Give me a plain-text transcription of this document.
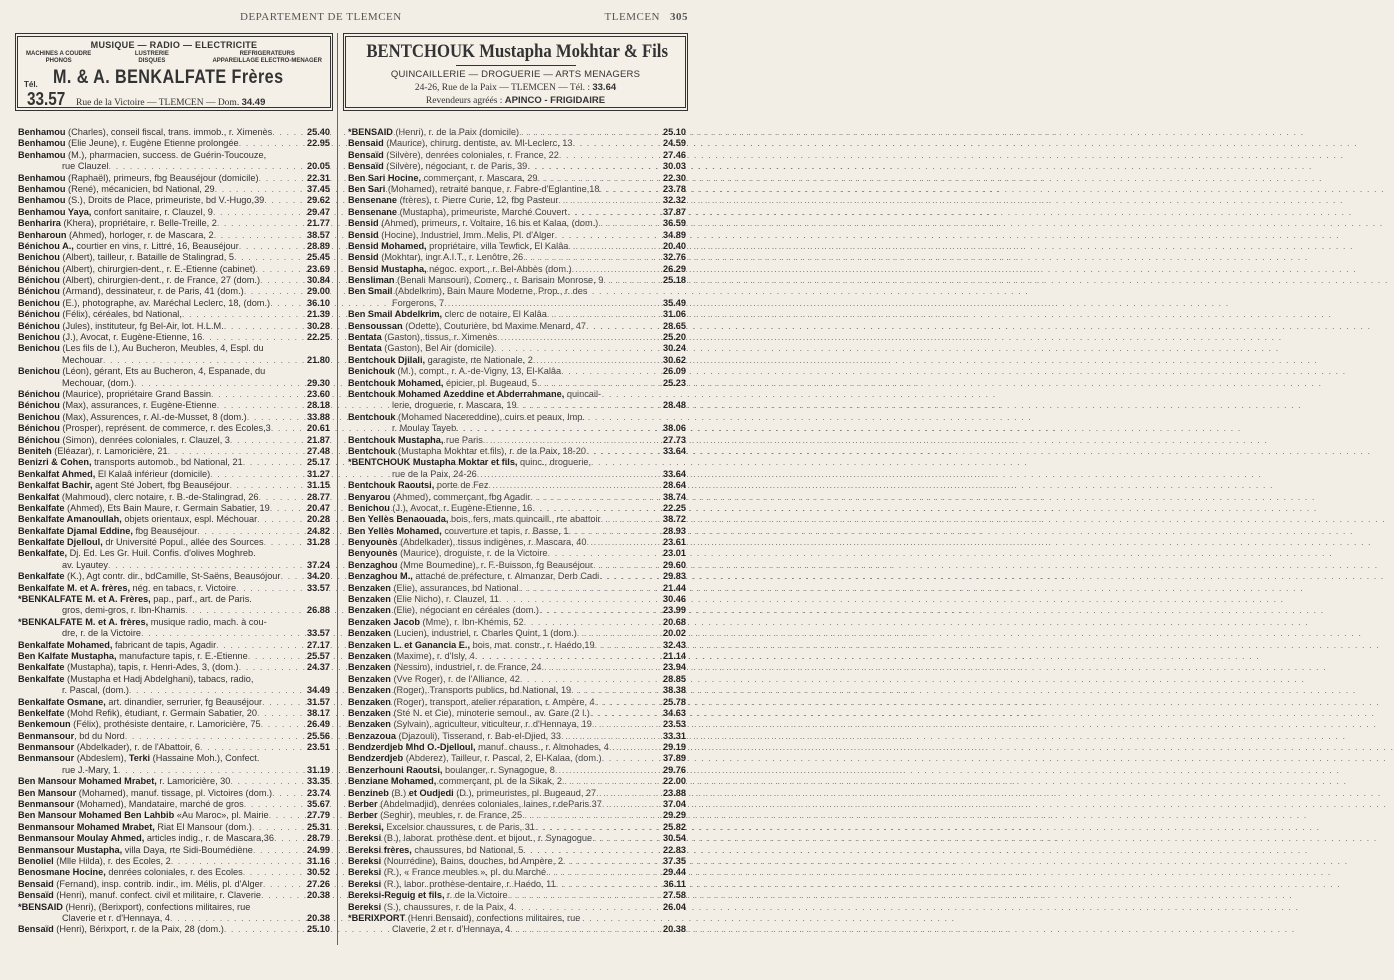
DEPARTEMENT DE TLEMCEN	TLEMCEN 305
MUSIQUE — RADIO — ELECTRICITE
MACHINES A COUDRE
PHONOS
LUSTRERIE
DISQUES
REFRIGERATEURS
APPAREILLAGE ELECTRO-MENAGER
Tél. M. & A. BENKALFATE Frères
33.57	Rue de la Victoire — TLEMCEN — Dom. 34.49
BENTCHOUK Mustapha Mokhtar & Fils
QUINCAILLERIE — DROGUERIE — ARTS MENAGERS
24-26, Rue de la Paix — TLEMCEN — Tél. : 33.64
Revendeurs agréés : APINCO - FRIGIDAIRE
Benhamou (Charles), conseil fiscal, trans. immob., r. Ximenès . . .	25.40
Benhamou (Elie Jeune), r. Eugène Etienne prolongée . . .	22.95
Benhamou (M.), pharmacien, success. de Guérin-Toucouze,
rue Clauzel . . .	20.05
Benhamou (Raphaël), primeurs, fbg Beauséjour (domicile) . . .	22.31
Benhamou (René), mécanicien, bd National, 29 . . .	37.45
Benhamou (S.), Droits de Place, primeuriste, bd V.-Hugo,39 . . .	29.62
Benhamou Yaya, confort sanitaire, r. Clauzel, 9 . . .	29.47
Benharira (Khera), propriétaire, r. Belle-Treille, 2 . . .	21.77
Benharoun (Ahmed), horloger, r. de Mascara, 2 . . .	38.57
Bénichou A., courtier en vins, r. Littré, 16, Beauséjour . . .	28.89
Benichou (Albert), tailleur, r. Bataille de Stalingrad, 5 . . .	25.45
Bénichou (Albert), chirurgien-dent., r. E.-Etienne (cabinet) . . .	23.69
Bénichou (Albert), chirurgien-dent., r. de France, 27 (dom.) . . .	30.84
Bénichou (Armand), dessinateur, r. de Paris, 41 (dom.) . . .	29.00
Benichou (E.), photographe, av. Maréchal Leclerc, 18, (dom.) . . .	36.10
Bénichou (Félix), céréales, bd National, . . .	21.39
Bénichou (Jules), instituteur, fg Bel-Air, lot. H.L.M. . . .	30.28
Benichou (J.), Avocat, r. Eugène-Etienne, 16 . . .	22.25
Benichou (Les fils de I.), Au Bucheron, Meubles, 4, Espl. du
Mechouar . . .	21.80
Benichou (Léon), gérant, Ets au Bucheron, 4, Espanade, du
Mechouar, (dom.) . . .	29.30
Bénichou (Maurice), propriétaire Grand Bassin . . .	23.60
Bénichou (Max), assurances, r. Eugène-Etienne . . .	28.18
Benichou (Max), Assurences, r. Al.-de-Musset, 8 (dom.) . . .	33.88
Bénichou (Prosper), représent. de commerce, r. des Ecoles,3 . . .	20.61
Bénichou (Simon), denrées coloniales, r. Clauzel, 3 . . .	21.87
Beniteh (Eléazar), r. Lamoricière, 21 . . .	27.48
Benizri & Cohen, transports automob., bd National, 21 . . .	25.17
Benkalfat Ahmed, El Kalaâ inférieur (domicile) . . .	31.27
Benkalfat Bachir, agent Sté Jobert, fbg Beauséjour . . .	31.15
Benkalfat (Mahmoud), clerc notaire, r. B.-de-Stalingrad, 26 . . .	28.77
Benkalfate (Ahmed), Ets Bain Maure, r. Germain Sabatier, 19 . . .	20.47
Benkalfate Amanoullah, objets orientaux, espl. Méchouar . . .	20.28
Benkalfate Djamal Eddine, fbg Beauséjour . . .	24.82
Benkalfate Djelloul, dr Université Popul., allée des Sources . . .	31.28
Benkalfate, Dj. Ed. Les Gr. Huil. Confis. d'olives Moghreb.
av. Lyautey . . .	37.24
Benkalfate (K.), Agt contr. dir., bdCamille, St-Saëns, Beausójour . . .	34.20
Benkalfate M. et A. frères, nég. en tabacs, r. Victoire . . .	33.57
*BENKALFATE M. et A. Frères, pap., parf., art. de Paris.
gros, demi-gros, r. Ibn-Khamis . . .	26.88
*BENKALFATE M. et A. frères, musique radio, mach. à cou-
dre, r. de la Victoire . . .	33.57
Benkalfate Mohamed, fabricant de tapis, Agadir . . .	27.17
Ben Kalfate Mustapha, manufacture tapis, r. E.-Etienne . . .	25.57
Benkalfate (Mustapha), tapis, r. Henri-Ades, 3, (dom.) . . .	24.37
Benkalfate (Mustapha et Hadj Abdelghani), tabacs, radio,
r. Pascal, (dom.) . . .	34.49
Benkalfate Osmane, art. dinandier, serrurier, fg Beauséjour . . .	31.57
Benkelfate (Mohd Refik), étudiant, r. Germain Sabatier, 20 . . .	38.17
Benkemoun (Félix), prothésiste dentaire, r. Lamoricière, 75 . . .	26.49
Benmansour, bd du Nord . . .	25.56
Benmansour (Abdelkader), r. de l'Abattoir, 6 . . .	23.51
Benmansour (Abdeslem), Terki (Hassaine Moh.), Confect.
rue J.-Mary, 1 . . .	31.19
Ben Mansour Mohamed Mrabet, r. Lamoricière, 30 . . .	33.35
Ben Mansour (Mohamed), manuf. tissage, pl. Victoires (dom.) . . .	23.74
Benmansour (Mohamed), Mandataire, marché de gros . . .	35.67
Ben Mansour Mohamed Ben Lahbib «Au Maroc», pl. Mairie . . .	27.79
Benmansour Mohamed Mrabet, Riat El Mansour (dom.) . . .	25.31
Benmansour Moulay Ahmed, articles indig., r. de Mascara,36 . . .	28.79
Benmansour Mustapha, villa Daya, rte Sidi-Boumédiène . . .	24.99
Benoliel (Mlle Hilda), r. des Ecoles, 2 . . .	31.16
Benosmane Hocine, denrées coloniales, r. des Ecoles . . .	30.52
Bensaid (Fernand), insp. contrib. indir., im. Mélis, pl. d'Alger . . .	27.26
Bensaïd (Henri), manuf. confect. civil et militaire, r. Claverie . . .	20.38
*BENSAID (Henri), (Berixport), confections militaires, rue
Claverie et r. d'Hennaya, 4 . . .	20.38
Bensaïd (Henri), Bérixport, r. de la Paix, 28 (dom.) . . .	25.10
*BENSAID (Henri), r. de la Paix (domicile) . . .	25.10
Bensaid (Maurice), chirurg. dentiste, av. Ml-Leclerc, 13 . . .	24.59
Bensaïd (Silvère), denrées coloniales, r. France, 22 . . .	27.46
Bensaïd (Silvère), négociant, r. de Paris, 39 . . .	30.03
Ben Sari Hocine, commerçant, r. Mascara, 29 . . .	22.30
Ben Sari (Mohamed), retraité banque, r. Fabre-d'Eglantine,18 . . .	23.78
Bensenane (frères), r. Pierre Curie, 12, fbg Pasteur . . .	32.32
Bensenane (Mustapha), primeuriste, Marché Couvert . . .	37.87
Bensid (Ahmed), primeurs, r. Voltaire, 16 bis et Kalaa, (dom.) . . .	36.59
Bensid (Hocine), Industriel, Imm. Melis, Pl. d'Alger . . .	34.89
Bensid Mohamed, propriétaire, villa Tewfick, El Kalâa . . .	20.40
Bensid (Mokhtar), ingr A.I.T., r. Lenôtre, 26 . . .	32.76
Bensid Mustapha, négoc. export., r. Bel-Abbès (dom.) . . .	26.29
Bensliman (Benali Mansouri), Comerç., r. Barisain Monrose, 9 . . .	25.18
Ben Smail (Abdelkrim), Bain Maure Moderne, Prop., r. des
Forgerons, 7 . . .	35.49
Ben Smail Abdelkrim, clerc de notaire, El Kalâa . . .	31.06
Bensoussan (Odette), Couturière, bd Maxime Menard, 47 . . .	28.65
Bentata (Gaston), tissus, r. Ximenès . . .	25.20
Bentata (Gaston), Bel Air (domicile) . . .	30.24
Bentchouk Djilali, garagiste, rte Nationale, 2 . . .	30.62
Benichouk (M.), compt., r. A.-de-Vigny, 13, El-Kalâa . . .	26.09
Bentchouk Mohamed, épicier, pl. Bugeaud, 5 . . .	25.23
Bentchouk Mohamed Azeddine et Abderrahmane, quincail-
lerie, droguerie, r. Mascara, 19 . . .	28.48
Bentchouk (Mohamed Nacereddine), cuirs et peaux, Imp.
r. Moulay Tayeb . . .	38.06
Bentchouk Mustapha, rue Paris . . .	27.73
Bentchouk (Mustapha Mokhtar et fils), r. de la Paix, 18-20 . . .	33.64
*BENTCHOUK Mustapha Moktar et fils, quinc., droguerie,
rue de la Paix, 24-26 . . .	33.64
Bentchouk Raoutsi, porte de Fez . . .	28.64
Benyarou (Ahmed), commerçant, fbg Agadir . . .	38.74
Benichou (J.), Avocat, r. Eugène-Etienne, 16 . . .	22.25
Ben Yellès Benaouada, bois, fers, mats quincaill., rte abattoir . . .	38.72
Ben Yellès Mohamed, couverture et tapis, r. Basse, 1 . . .	28.93
Benyounès (Abdelkader), tissus indigènes, r. Mascara, 40 . . .	23.61
Benyounès (Maurice), droguiste, r. de la Victoire . . .	23.01
Benzaghou (Mme Boumedine), r. F.-Buisson, fg Beauséjour . . .	29.60
Benzaghou M., attaché de préfecture, r. Almanzar, Derb Cadi . . .	29.83
Benzaken (Elie), assurances, bd National . . .	21.44
Benzaken (Elie Nicho), r. Clauzel, 11 . . .	30.46
Benzaken (Elie), négociant en céréales (dom.) . . .	23.99
Benzaken Jacob (Mme), r. Ibn-Khémis, 52 . . .	20.68
Benzaken (Lucien), industriel, r. Charles Quint, 1 (dom.) . . .	20.02
Benzaken L. et Ganancia E., bois, mat. constr., r. Haédo,19 . . .	32.43
Benzaken (Maxime), r. d'Isly, 4 . . .	21.14
Benzaken (Nessim), industriel, r. de France, 24 . . .	23.94
Benzaken (Vve Roger), r. de l'Alliance, 42 . . .	28.85
Benzaken (Roger), Transports publics, bd National, 19 . . .	38.38
Benzaken (Roger), transport, atelier réparation, r. Ampère, 4 . . .	25.78
Benzaken (Sté N. et Cie), minoterie semoul., av. Gare (2 l.) . . .	34.63
Benzaken (Sylvain), agriculteur, viticulteur, r. d'Hennaya, 19 . . .	23.53
Benzazoua (Djazouli), Tisserand, r. Bab-el-Djied, 33 . . .	33.31
Bendzerdjeb Mhd O.-Djelloul, manuf. chauss., r. Almohades, 4 . . .	29.19
Bendzerdjeb (Abderez), Tailleur, r. Pascal, 2, El-Kalaa, (dom.) . . .	37.89
Benzerhouni Raoutsi, boulanger, r. Synagogue, 8 . . .	29.76
Benziane Mohamed, commerçant, pl. de la Sikak, 2 . . .	22.00
Benzineb (B.) et Oudjedi (D.), primeuristes, pl. Bugeaud, 27 . . .	23.88
Berber (Abdelmadjid), denrées coloniales, laines, r.deParis.37 . . .	37.04
Berber (Seghir), meubles, r. de France, 25 . . .	29.29
Bereksi, Excelsior chaussures, r. de Paris, 31 . . .	25.82
Bereksi (B.), laborat. prothèse dent. et bijout., r. Synagogue . . .	30.54
Bereksi frères, chaussures, bd National, 5 . . .	22.83
Bereksi (Nourrédine), Bains, douches, bd Ampère, 2 . . .	37.35
Bereksi (R.), « France meubles », pl. du Marché . . .	29.44
Bereksi (R.), labor. prothèse-dentaire, r. Haédo, 11 . . .	36.11
Bereksi-Reguig et fils, r. de la Victoire . . .	27.58
Bereksi (S.), chaussures, r. de la Paix, 4 . . .	26.04
*BERIXPORT (Henri Bensaid), confections militaires, rue
Claverie, 2 et r. d'Hennaya, 4 . . .	20.38
